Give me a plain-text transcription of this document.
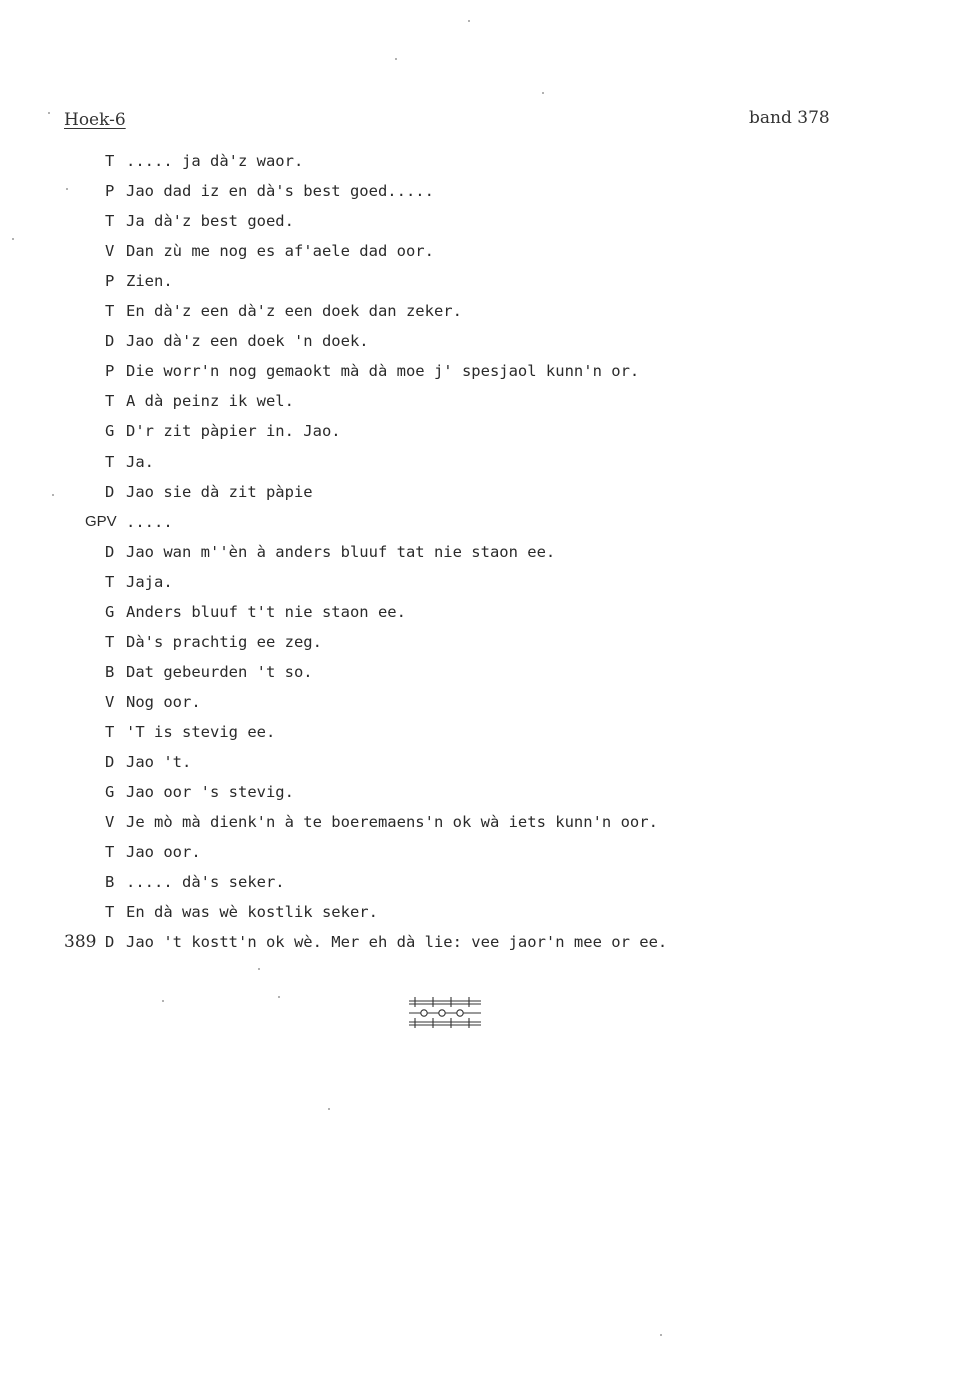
Hoek-6	band 378
T ..... ja dà'z waor.
P Jao dad iz en dà's best goed.....
T Ja dà'z best goed.
V Dan zù me nog es af'aele dad oor.
P Zien.
T En dà'z een dà'z een doek dan zeker.
D Jao dà'z een doek 'n doek.
P Die worr'n nog gemaokt mà dà moe j' spesjaol kunn'n or.
T A dà peinz ik wel.
G D'r zit pàpier in. Jao.
T Ja.
D Jao sie dà zit pàpie
GPV .....
D Jao wan m''èn à anders bluuf tat nie staon ee.
T Jaja.
G Anders bluuf t't nie staon ee.
T Dà's prachtig ee zeg.
B Dat gebeurden 't so.
V Nog oor.
T 'T is stevig ee.
D Jao 't.
G Jao oor 's stevig.
V Je mò mà dienk'n à te boeremaens'n ok wà iets kunn'n oor.
T Jao oor.
B ..... dà's seker.
T En dà was wè kostlik seker.
389 D Jao 't kostt'n ok wè. Mer eh dà lie: vee jaor'n mee or ee.
